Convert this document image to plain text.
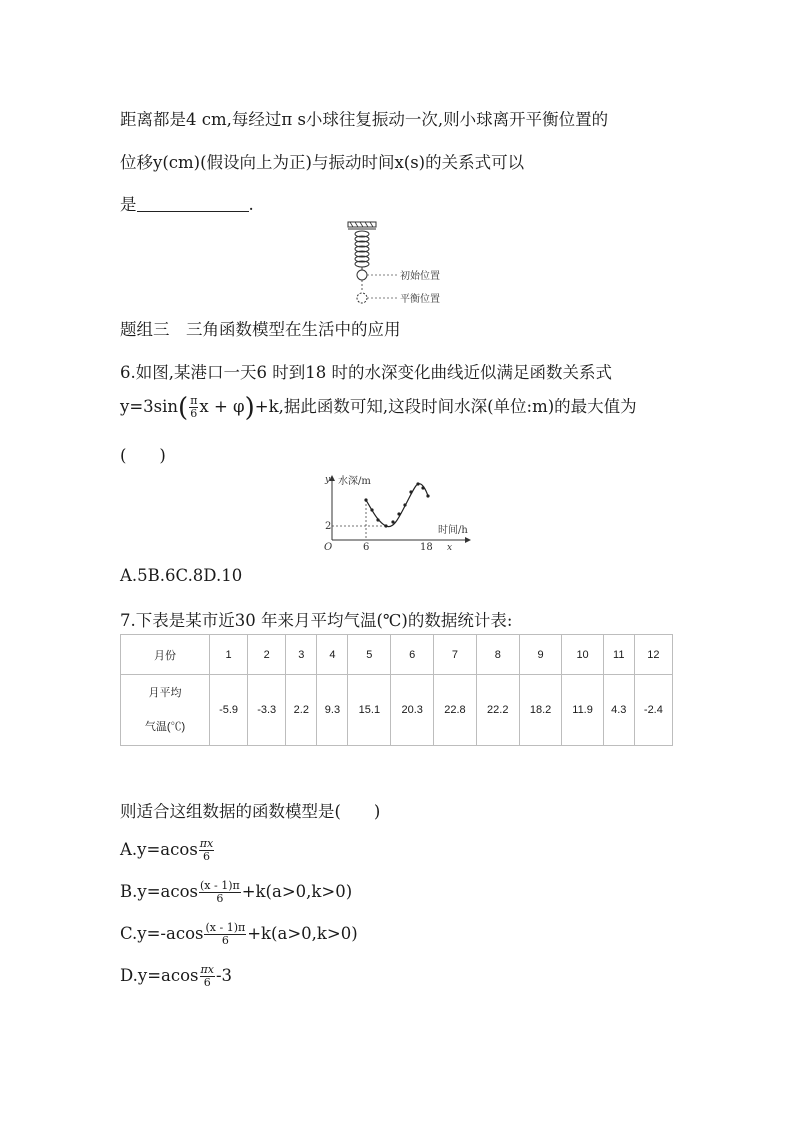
距离都是4 cm,每经过π s小球往复振动一次,则小球离开平衡位置的
位移y(cm)(假设向上为正)与振动时间x(s)的关系式可以
是	.
初始位置
平衡位置
题组三　三角函数模型在生活中的应用
6.如图,某港口一天6 时到18 时的水深变化曲线近似满足函数关系式
$y=3\sin( \frac{\pi}{6}$ x + φ)+k,据此函数可知,这段时间水深(单位:m)的最大值为
(　　)
y 水深/m
时间/h
x
O
2
6	18
A.5B.6C.8D.10
7.下表是某市近30 年来月平均气温(℃)的数据统计表:
月份	1	2	3	4	5	6	7	8	9	10	11	12

月平均
气温(℃)	-5.9	-3.3	2.2	9.3	15.1	20.3	22.8	22.2	18.2	11.9	4.3	-2.4
则适合这组数据的函数模型是(　　)
$A.y=acos \frac{\pi x}{6}$
$B.y=acos \frac{(x - 1)\pi}{6} +k(a>0,k>0)$
$C.y=-acos \frac{(x - 1)\pi}{6} +k(a>0,k>0)$
$D.y=acos \frac{\pi x}{6} -3$
